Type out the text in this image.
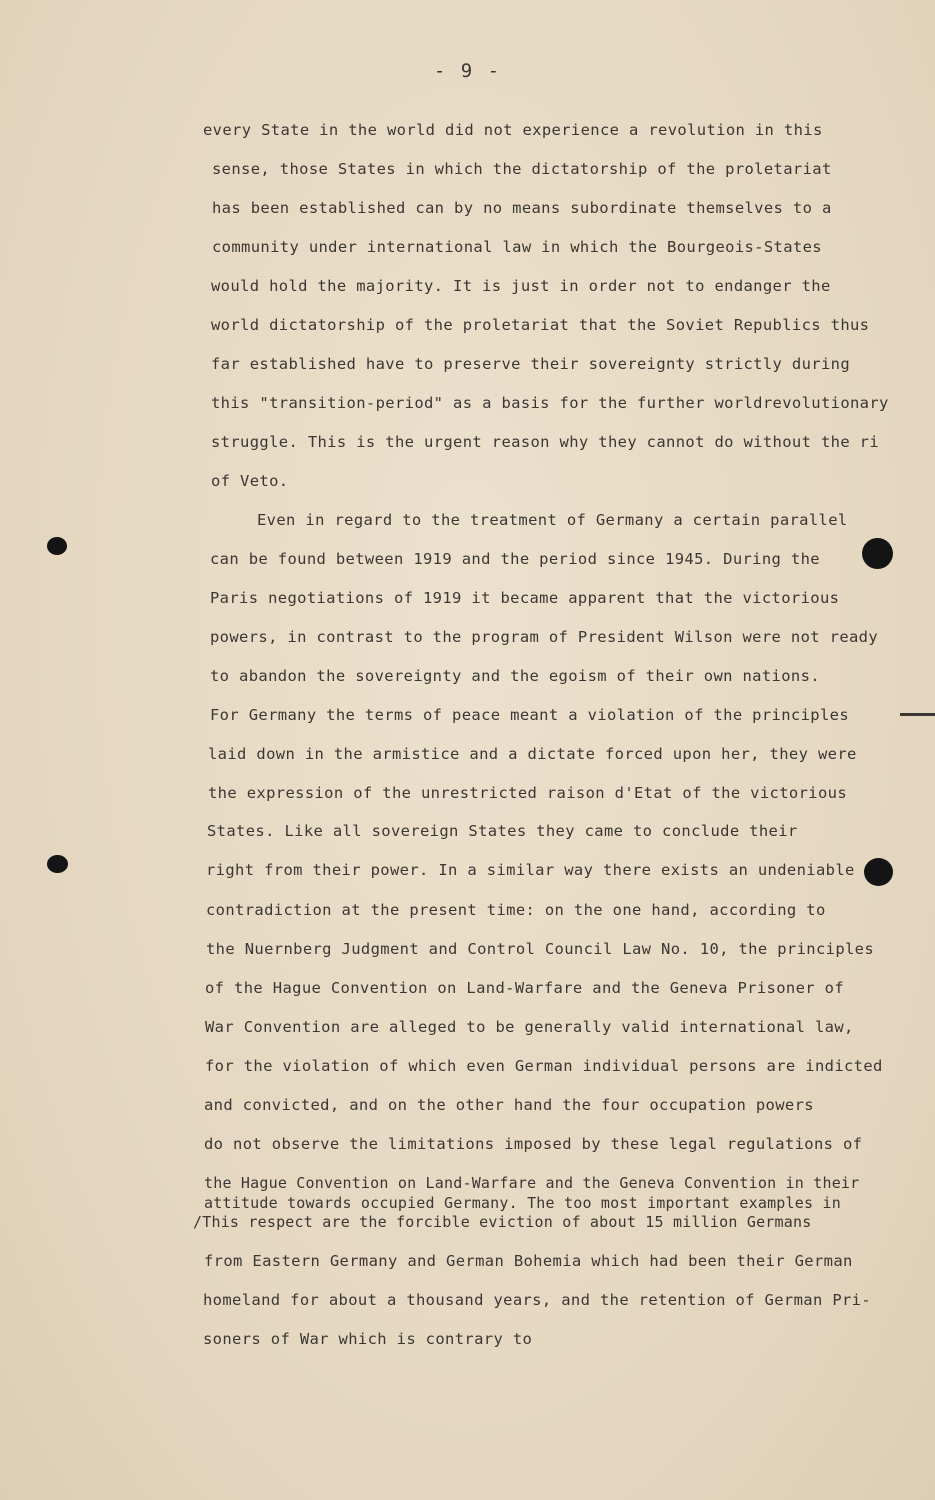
- 9 -
every State in the world did not experience a revolution in this
sense, those States in which the dictatorship of the proletariat
has been established can by no means subordinate themselves to a
community under international law in which the Bourgeois-States
would hold the majority. It is just in order not to endanger the
world dictatorship of the proletariat that the Soviet Republics thus
far established have to preserve their sovereignty strictly during
this "transition-period" as a basis for the further worldrevolutionary
struggle. This is the urgent reason why they cannot do without the ri
of Veto.
Even in regard to the treatment of Germany a certain parallel
can be found between 1919 and the period since 1945. During the
Paris negotiations of 1919 it became apparent that the victorious
powers, in contrast to the program of President Wilson were not ready
to abandon the sovereignty and the egoism of their own nations.
For Germany the terms of peace meant a violation of the principles
laid down in the armistice and a dictate forced upon her, they were
the expression of the unrestricted raison d'Etat of the victorious
States. Like all sovereign States they came to conclude their
right from their power. In a similar way there exists an undeniable
contradiction at the present time: on the one hand, according to
the Nuernberg Judgment and Control Council Law No. 10, the principles
of the Hague Convention on Land-Warfare and the Geneva Prisoner of
War Convention are alleged to be generally valid international law,
for the violation of which even German individual persons are indicted
and convicted, and on the other hand the four occupation powers
do not observe the limitations imposed by these legal regulations of
the Hague Convention on Land-Warfare and the Geneva Convention in their
attitude towards occupied Germany. The too most important examples in
/This respect are the forcible eviction of about 15 million Germans
from Eastern Germany and German Bohemia which had been their German
homeland for about a thousand years, and the retention of German Pri-
soners of War which is contrary to
